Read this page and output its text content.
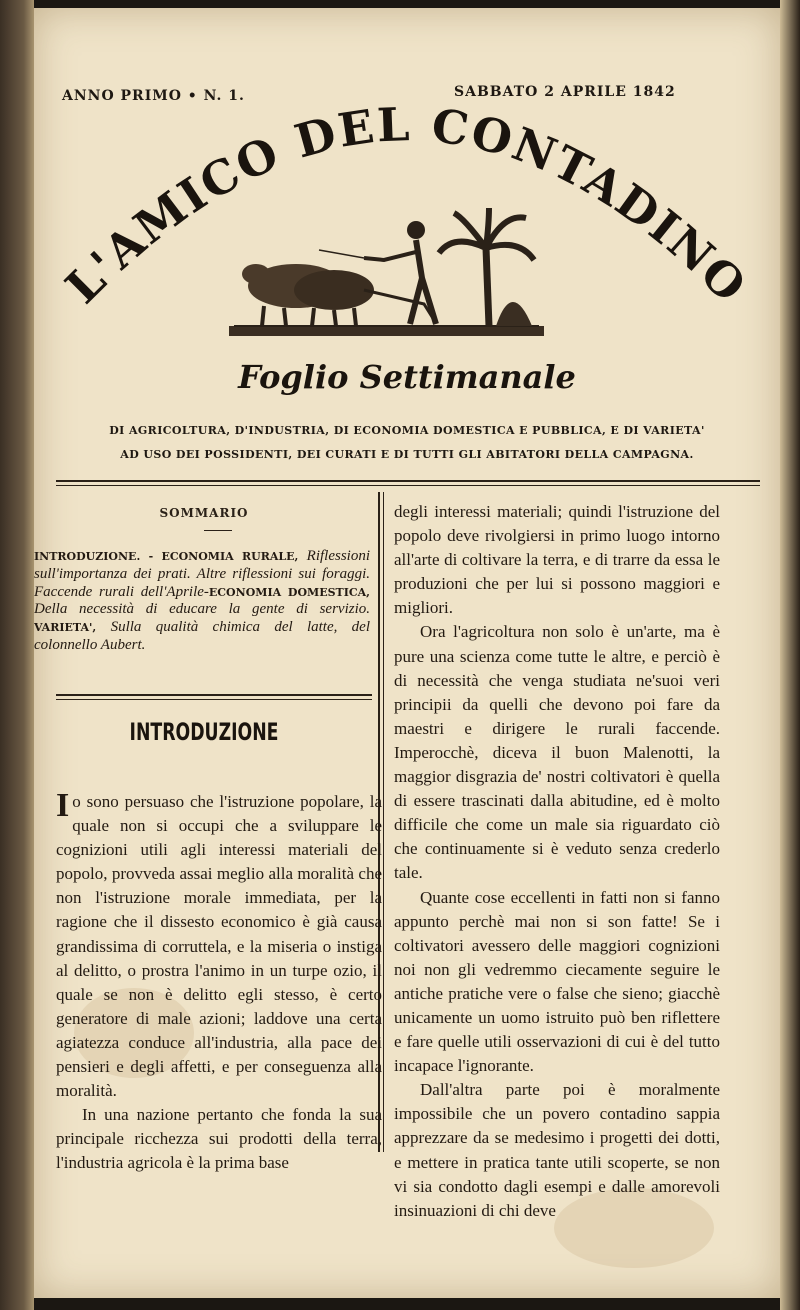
ANNO PRIMO • N. 1.	SABBATO 2 APRILE 1842
L'AMICO DEL CONTADINO
Foglio Settimanale
DI AGRICOLTURA, D'INDUSTRIA, DI ECONOMIA DOMESTICA E PUBBLICA, E DI VARIETA'
AD USO DEI POSSIDENTI, DEI CURATI E DI TUTTI GLI ABITATORI DELLA CAMPAGNA.
SOMMARIO
INTRODUZIONE. - ECONOMIA RURALE, Riflessioni sull'importanza dei prati. Altre riflessioni sui foraggi. Faccende rurali dell'Aprile-ECONOMIA DOMESTICA, Della necessità di educare la gente di servizio. VARIETA', Sulla qualità chimica del latte, del colonnello Aubert.
INTRODUZIONE

Io sono persuaso che l'istruzione popolare, la quale non si occupi che a sviluppare le cognizioni utili agli interessi materiali del popolo, provveda assai meglio alla moralità che non l'istruzione morale immediata, per la ragione che il dissesto economico è già causa grandissima di corruttela, e la miseria o instiga al delitto, o prostra l'animo in un turpe ozio, il quale se non è delitto egli stesso, è certo generatore di male azioni; laddove una certa agiatezza conduce all'industria, alla pace dei pensieri e degli affetti, e per conseguenza alla moralità.

In una nazione pertanto che fonda la sua principale ricchezza sui prodotti della terra, l'industria agricola è la prima base

degli interessi materiali; quindi l'istruzione del popolo deve rivolgiersi in primo luogo intorno all'arte di coltivare la terra, e di trarre da essa le produzioni che per lui si possono maggiori e migliori.

Ora l'agricoltura non solo è un'arte, ma è pure una scienza come tutte le altre, e perciò è di necessità che venga studiata ne'suoi veri principii da quelli che devono poi fare da maestri e dirigere le rurali faccende. Imperocchè, diceva il buon Malenotti, la maggior disgrazia de' nostri coltivatori è quella di essere trascinati dalla abitudine, ed è molto difficile che come un male sia riguardato ciò che continuamente si è veduto senza crederlo tale.

Quante cose eccellenti in fatti non si fanno appunto perchè mai non si son fatte! Se i coltivatori avessero delle maggiori cognizioni noi non gli vedremmo ciecamente seguire le antiche pratiche vere o false che sieno; giacchè unicamente un uomo istruito può ben riflettere e fare quelle utili osservazioni di cui è del tutto incapace l'ignorante.

Dall'altra parte poi è moralmente impossibile che un povero contadino sappia apprezzare da se medesimo i progetti dei dotti, e mettere in pratica tante utili scoperte, se non vi sia condotto dagli esempi e dalle amorevoli insinuazioni di chi deve
